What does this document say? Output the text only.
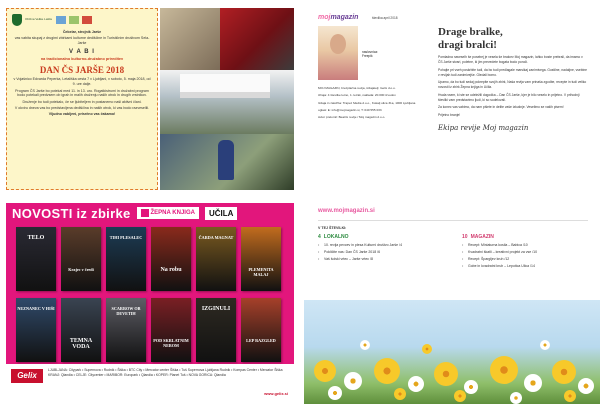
Občina Velike Lašče

Čebelar, strojnik Jarše

vas vabita skupaj z drugimi zbirkami kulturne dediščine in Turističnim društvom Sela-Jarše

V A B I

na tradicionalno kulturno-družabno prireditev

DAN ČS JARŠE 2018

v Vojašnico Edvarda Peperka, Letališka cesta 7 v Ljubljani, v soboto, 5. maja 2018, od 9. ure dalje.

Program ČS Jarše bo potekal med 11. in 13. uro. Rogatkistrumi in družabni program bodo potekali predvsem ob igrah in malih druženju naših otrok in drugih vrstnikov.

Druženje bo tudi potekalo, če se ljubiteljem in postanemo naši aktivni člani.

V okviru dneva vas bo predstavljena dediščina in naših otrok, ki vas bodo razveselili.

Vljudno vabljeni, prisrčno vas čakamo!

NOVOSTI iz zbirke	ŽEPNA KNJIGA	UČILA
TELO
Krajec v čredi
TIHI PLESALEC
Na robu
ČARDA MAGNAT
PLEMENITA MALAJ
NEZNANEC V HIŠI
TEMNA VODA
SCARROW OB DEVETIH
POD SKRLATNIM NEBOM
IZGINULI
LEP RAZGLED
Gelix
LJUBLJANA: Citypark • Supernova • Rudnik • Šiška • BTC City • Mercator center Šiška • Tuš Supernova Ljubljana Rudnik • Kompas Center • Mercator Šiška
KRANJ: Qlandia • CELJE: Citycenter • MARIBOR: Europark • Qlandia • KOPER: Planet Tuš • NOVA GORICA: Qlandia
www.gelix.si
mojmagazin	številka april 2018
naslovnica:
Freepik
MOJ MAGAZIN, brezplačna revija, izdajatelj: Gelix d.o.o.
izhaja: 4 številke letno, 1. letnik, naklada: 20.000 izvodov
Izdaja in založba: Trapez Media d.o.o., Kokalj ulica 31a, 1000 Ljubljana
oglasi: E: info@mojmagazin.si, T: 040 555 033
Avtor prelomil: Beatrix revije / Moj magazin d.o.o.
www.mojmagazin.si
Drage bralke,
dragi bralci!

Pomladna naveselh še posebej je vesela še bralcev Moj magazin, lahko boste prebrali, da imamo v ČS Jarše stvari, poletne, ki jim prevedete bogata bodo poroči.

Pohajte pri vseh poskrbite tudi, da bo tudi predlagale marsikaj zanimivega. Gostilne, nadaljne, vsebine v revijah tudi zanimivejše. Gledali bomo.

Upamo, da bo tudi sedaj pokrepite svojih zbirk, Naša revija vam prinaša zgodbe, recepte in tudi veliko novosti iz zbirk Žepna knjiga in Učila.

Hvala vsem, ki ste se udeležili dogodka – Dan ČS Jarše, kjer je bilo veselo in prijetno. V prihodnji številki vam predstavimo ljudi, ki so sodelovali.

Za konec vas vabimo, da nam pišete in delite vaše izkušnje. Veselimo se vaših pisem!

Prijetno branje!

Ekipa revije Moj magazin
V TEJ ŠTEVILKI:
4 LOKALNO
• 10. revija pevcev in plesa Kulturni društvo Jarše /4
• Pokličite nas: Dan ČS Jarše 2018 /6
• Vaš šolski vrtec – Jarše vrtec /8
10 MAGAZIN
• Recept: Miniaturna kosila – Babica /10
• Kvadratni škatli – kreativni projekt za vse /10
• Recept: Špargljev kruh /12
• Gobe in kvadratni kruh – Lepotica Ulica /14
